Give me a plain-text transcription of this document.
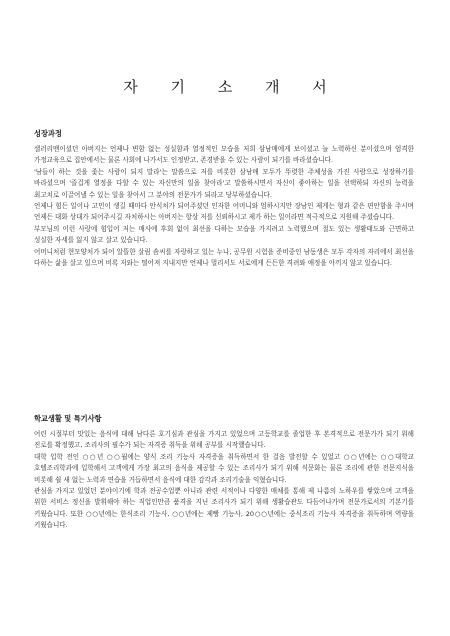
자 기 소 개 서
성장과정

샐러리맨이셨던 아버지는 언제나 변함 없는 성실함과 열정적인 모습을 저희 삼남매에게 보이셨고 늘 노력하신 분이셨으며 엄격한 가정교육으로 집안에서는 물론 사회에 나가서도 인정받고, 존경받을 수 있는 사람이 되기를 바라셨습니다.

'남들이 하는 것을 좇는 사람이 되지 말라'는 말씀으로 저를 비롯한 삼남매 모두가 뚜렷한 주체성을 가진 사람으로 성장하기를 바라셨으며 '즐겁게 열정을 다할 수 있는 자신만의 일을 찾아라'고 말씀하시면서 자신이 좋아하는 일을 선택하되 자신의 능력을 최고치로 이끌어낼 수 있는 일을 찾아서 그 분야의 전문가가 되라고 당부하셨습니다.

언제나 힘든 일이나 고민이 생길 때마다 안식처가 되어주셨던 인자한 어머니와 엄하시지만 장남인 제게는 형과 같은 편안함을 주시며 언제든 대화 상대가 되어주시길 자처하시는 아버지는 항상 저를 신뢰하시고 제가 하는 일이라면 적극적으로 지원해 주셨습니다.

부모님의 이런 사랑에 힘입어 저는 매사에 후회 없이 최선을 다하는 모습을 가지려고 노력했으며 절도 있는 생활태도와 근면하고 성실한 자세를 잃지 않고 살고 있습니다.

어머니처럼 현모양처가 되어 알뜰한 살림 솜씨를 자랑하고 있는 누나, 공무원 시험을 준비중인 남동생은 모두 각자의 자리에서 최선을 다하는 삶을 살고 있으며 비록 저와는 떨어져 지내지만 언제나 멀리서도 서로에게 든든한 격려와 애정을 아끼지 않고 있습니다.

학교생활 및 특기사항

어린 시절부터 맛있는 음식에 대해 남다른 호기심과 관심을 가지고 있었으며 고등학교를 졸업한 후 본격적으로 전문가가 되기 위해 진로를 확정했고, 조리사의 필수가 되는 자격증 취득을 위해 공부를 시작했습니다.

대학 입학 전인 ○○년 ○○월에는 양식 조리 기능사 자격증을 취득하면서 한 걸음 발전할 수 있었고 ○○년에는 ○○대학교 호텔조리학과에 입학해서 고객에게 가장 최고의 음식을 제공할 수 있는 조리사가 되기 위해 식문화는 물론 조리에 관한 전문지식을 비롯해 쉴 새 없는 노력과 연습을 거듭하면서 음식에 대한 감각과 조리기술을 익혔습니다.

관심을 가지고 있었던 분야이기에 학과 전공수업뿐 아니라 관련 서적이나 다양한 매체를 통해 제 나름의 노하우를 쌓았으며 고객을 위한 서비스 정신을 발휘해야 하는 직업인만큼 품격을 지닌 조리사가 되기 위해 생활습관도 다듬어나가며 전문가로서의 기본기를 키웠습니다. 또한 ○○년에는 한식조리 기능사, ○○년에는 제빵 기능사, 20○○년에는 중식조리 기능사 자격증을 취득하며 역량을 키웠습니다.
